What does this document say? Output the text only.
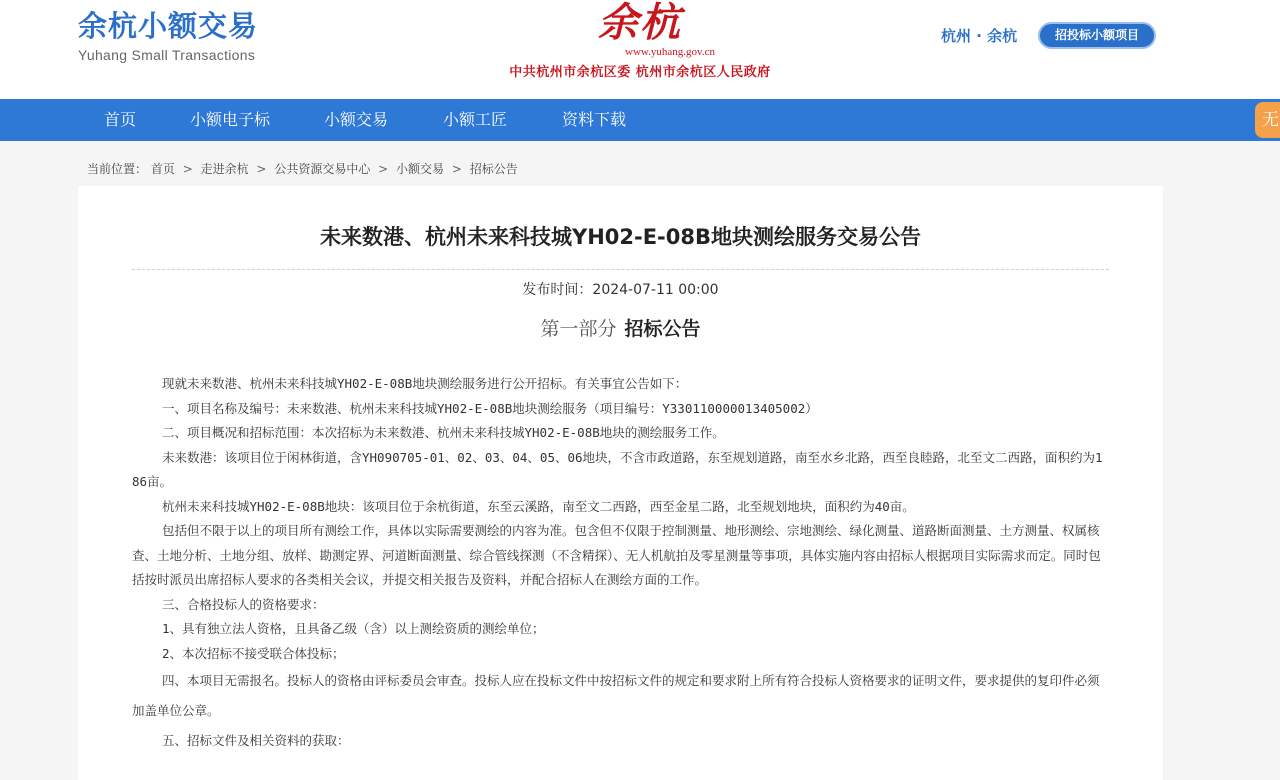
余杭小额交易
Yuhang Small Transactions
余杭
www.yuhang.gov.cn
中共杭州市余杭区委 杭州市余杭区人民政府
杭州 · 余杭	招投标小额项目
首页	小额电子标	小额交易	小额工匠	资料下载	无
当前位置： 首页 > 走进余杭 > 公共资源交易中心 > 小额交易 > 招标公告
未来数港、杭州未来科技城YH02-E-08B地块测绘服务交易公告
发布时间：2024-07-11 00:00
第一部分 招标公告

现就未来数港、杭州未来科技城YH02-E-08B地块测绘服务进行公开招标。有关事宜公告如下：

一、项目名称及编号：未来数港、杭州未来科技城YH02-E-08B地块测绘服务（项目编号：Y330110000013405002）

二、项目概况和招标范围：本次招标为未来数港、杭州未来科技城YH02-E-08B地块的测绘服务工作。

未来数港：该项目位于闲林街道，含YH090705-01、02、03、04、05、06地块，不含市政道路，东至规划道路，南至水乡北路，西至良睦路，北至文二西路，面积约为186亩。

杭州未来科技城YH02-E-08B地块：该项目位于余杭街道，东至云溪路，南至文二西路，西至金星二路，北至规划地块，面积约为40亩。

包括但不限于以上的项目所有测绘工作，具体以实际需要测绘的内容为准。包含但不仅限于控制测量、地形测绘、宗地测绘、绿化测量、道路断面测量、土方测量、权属核查、土地分析、土地分组、放样、勘测定界、河道断面测量、综合管线探测（不含精探）、无人机航拍及零星测量等事项，具体实施内容由招标人根据项目实际需求而定。同时包括按时派员出席招标人要求的各类相关会议，并提交相关报告及资料，并配合招标人在测绘方面的工作。

三、合格投标人的资格要求：

1、具有独立法人资格，且具备乙级（含）以上测绘资质的测绘单位；

2、本次招标不接受联合体投标；

四、本项目无需报名。投标人的资格由评标委员会审查。投标人应在投标文件中按招标文件的规定和要求附上所有符合投标人资格要求的证明文件，要求提供的复印件必须加盖单位公章。

五、招标文件及相关资料的获取：
